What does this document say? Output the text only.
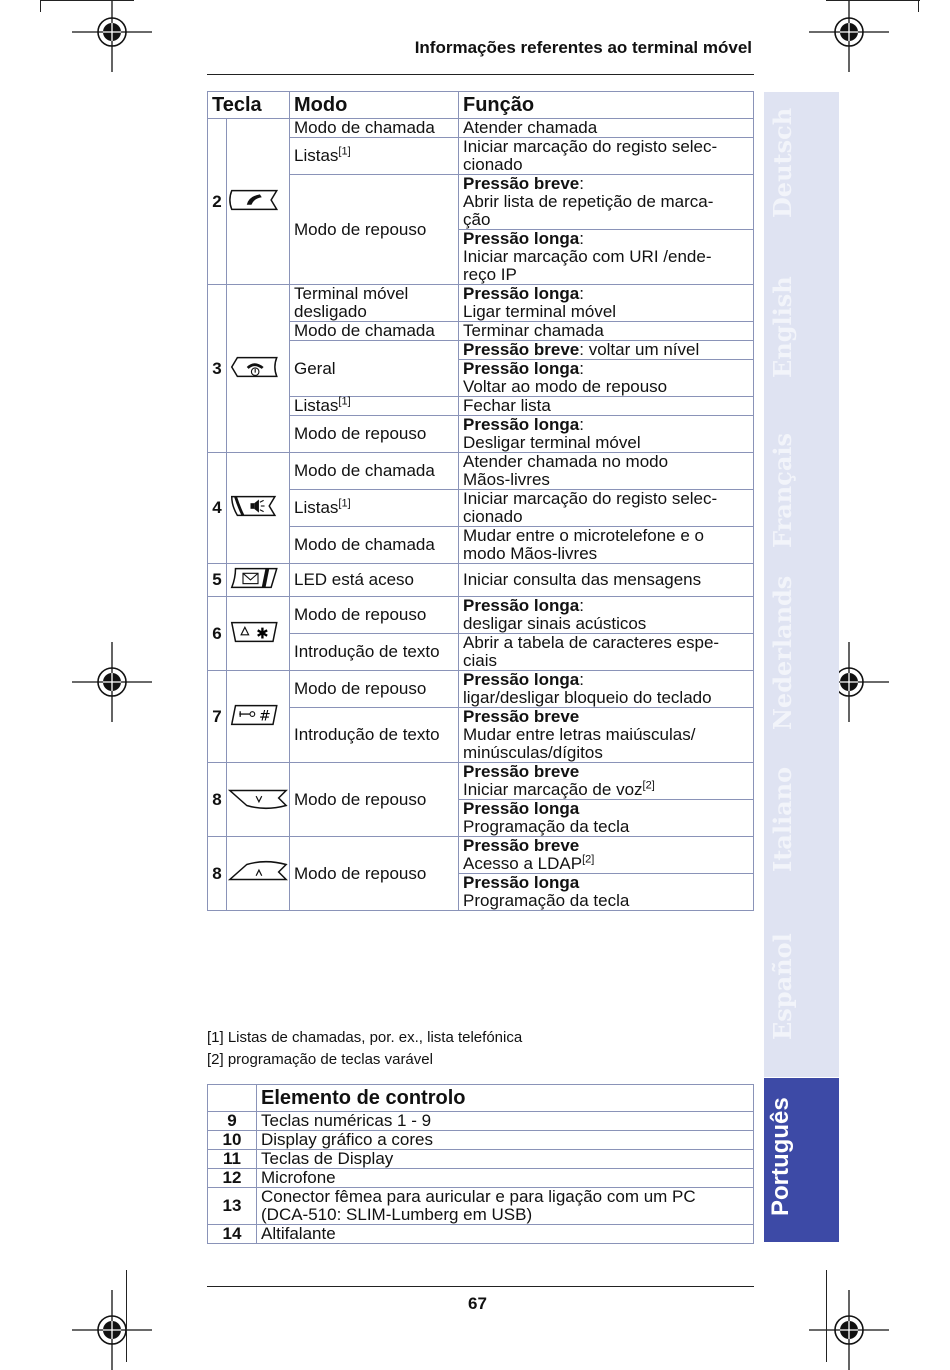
Informações referentes ao terminal móvel
Tecla		Modo	Função
2		Modo de chamada	Atender chamada
		Listas[1]	Iniciar marcação do registo selec-
cionado
		Modo de repouso	Pressão breve:
Abrir lista de repetição de marca-
ção
			Pressão longa:
Iniciar marcação com URI /ende-
reço IP
3		Terminal móvel
desligado	Pressão longa:
Ligar terminal móvel
		Modo de chamada	Terminar chamada
		Geral	Pressão breve: voltar um nível
			Pressão longa:
Voltar ao modo de repouso
		Listas[1]	Fechar lista
		Modo de repouso	Pressão longa:
Desligar terminal móvel
4		Modo de chamada	Atender chamada no modo
Mãos-livres
		Listas[1]	Iniciar marcação do registo selec-
cionado
		Modo de chamada	Mudar entre o microtelefone e o
modo Mãos-livres
5		LED está aceso	Iniciar consulta das mensagens
6	✱	Modo de repouso	Pressão longa:
desligar sinais acústicos
		Introdução de texto	Abrir a tabela de caracteres espe-
ciais
7	#	Modo de repouso	Pressão longa:
ligar/desligar bloqueio do teclado
		Introdução de texto	Pressão breve
Mudar entre letras maiúsculas/
minúsculas/dígitos
8		Modo de repouso	Pressão breve
Iniciar marcação de voz[2]
			Pressão longa
Programação da tecla
8		Modo de repouso	Pressão breve
Acesso a LDAP[2]
			Pressão longa
Programação da tecla
[1] Listas de chamadas, por. ex., lista telefónica
[2] programação de teclas varável
	Elemento de controlo
9	Teclas numéricas 1 - 9
10	Display gráfico a cores
11	Teclas de Display
12	Microfone
13	Conector fêmea para auricular e para ligação com um PC
(DCA-510: SLIM-Lumberg em USB)
14	Altifalante
67
Deutsch
English
Français
Nederlands
Italiano
Español
Português
